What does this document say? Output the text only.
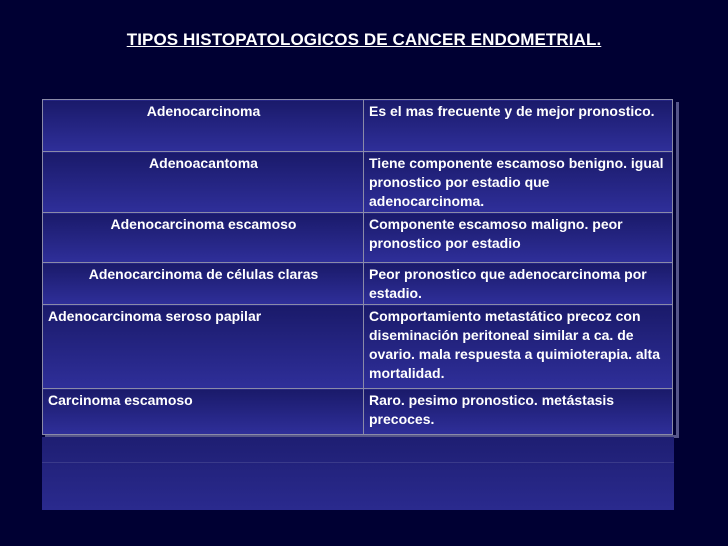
TIPOS HISTOPATOLOGICOS DE CANCER ENDOMETRIAL.
Adenocarcinoma	Es el mas frecuente y de mejor pronostico.
Adenoacantoma	Tiene componente escamoso benigno. igual pronostico por estadio que adenocarcinoma.
Adenocarcinoma escamoso	Componente escamoso maligno. peor pronostico por estadio
Adenocarcinoma de células claras	Peor pronostico que adenocarcinoma por estadio.
Adenocarcinoma seroso papilar	Comportamiento metastático precoz con diseminación peritoneal similar a ca. de ovario. mala respuesta a quimioterapia. alta mortalidad.
Carcinoma escamoso	Raro. pesimo pronostico. metástasis precoces.
